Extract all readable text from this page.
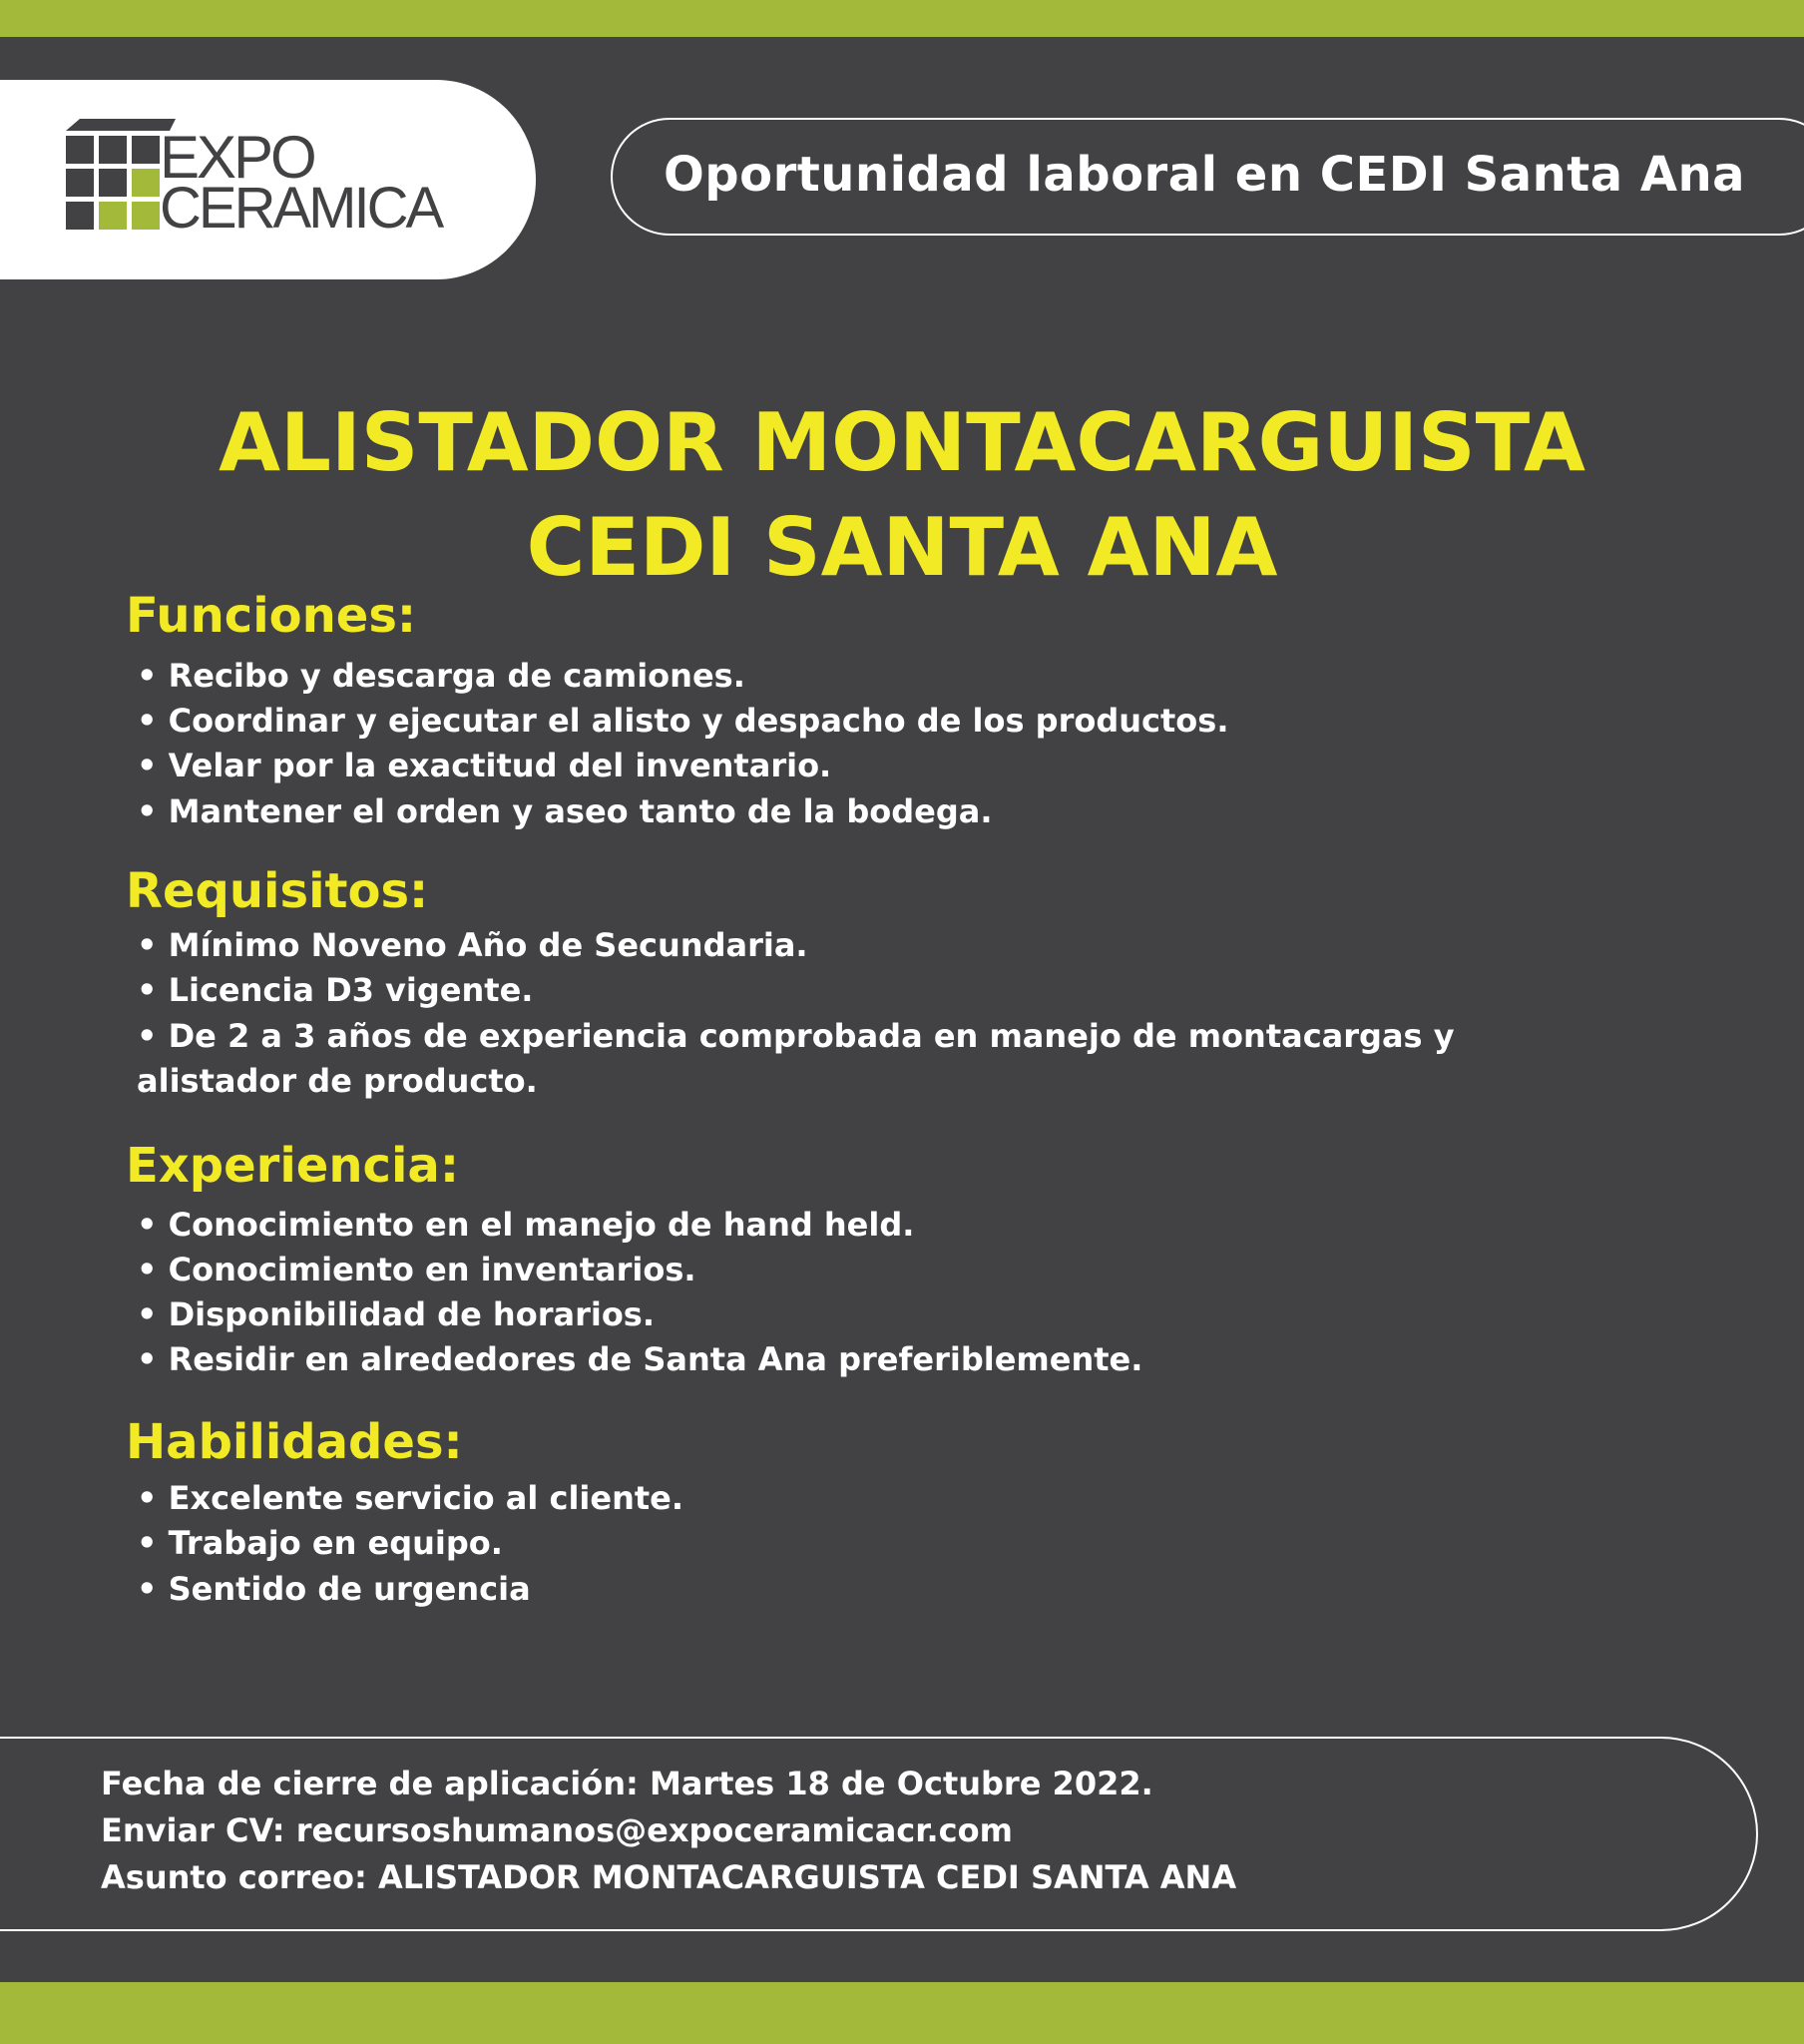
EXPO
CERAMICA
Oportunidad laboral en CEDI Santa Ana
ALISTADOR MONTACARGUISTA
CEDI SANTA ANA
Funciones:
• Recibo y descarga de camiones.
• Coordinar y ejecutar el alisto y despacho de los productos.
• Velar por la exactitud del inventario.
• Mantener el orden y aseo tanto de la bodega.
Requisitos:
• Mínimo Noveno Año de Secundaria.
• Licencia D3 vigente.
• De 2 a 3 años de experiencia comprobada en manejo de montacargas y
alistador de producto.
Experiencia:
• Conocimiento en el manejo de hand held.
• Conocimiento en inventarios.
• Disponibilidad de horarios.
• Residir en alrededores de Santa Ana preferiblemente.
Habilidades:
• Excelente servicio al cliente.
• Trabajo en equipo.
• Sentido de urgencia
Fecha de cierre de aplicación: Martes 18 de Octubre 2022.
Enviar CV: recursoshumanos@expoceramicacr.com
Asunto correo: ALISTADOR MONTACARGUISTA CEDI SANTA ANA
